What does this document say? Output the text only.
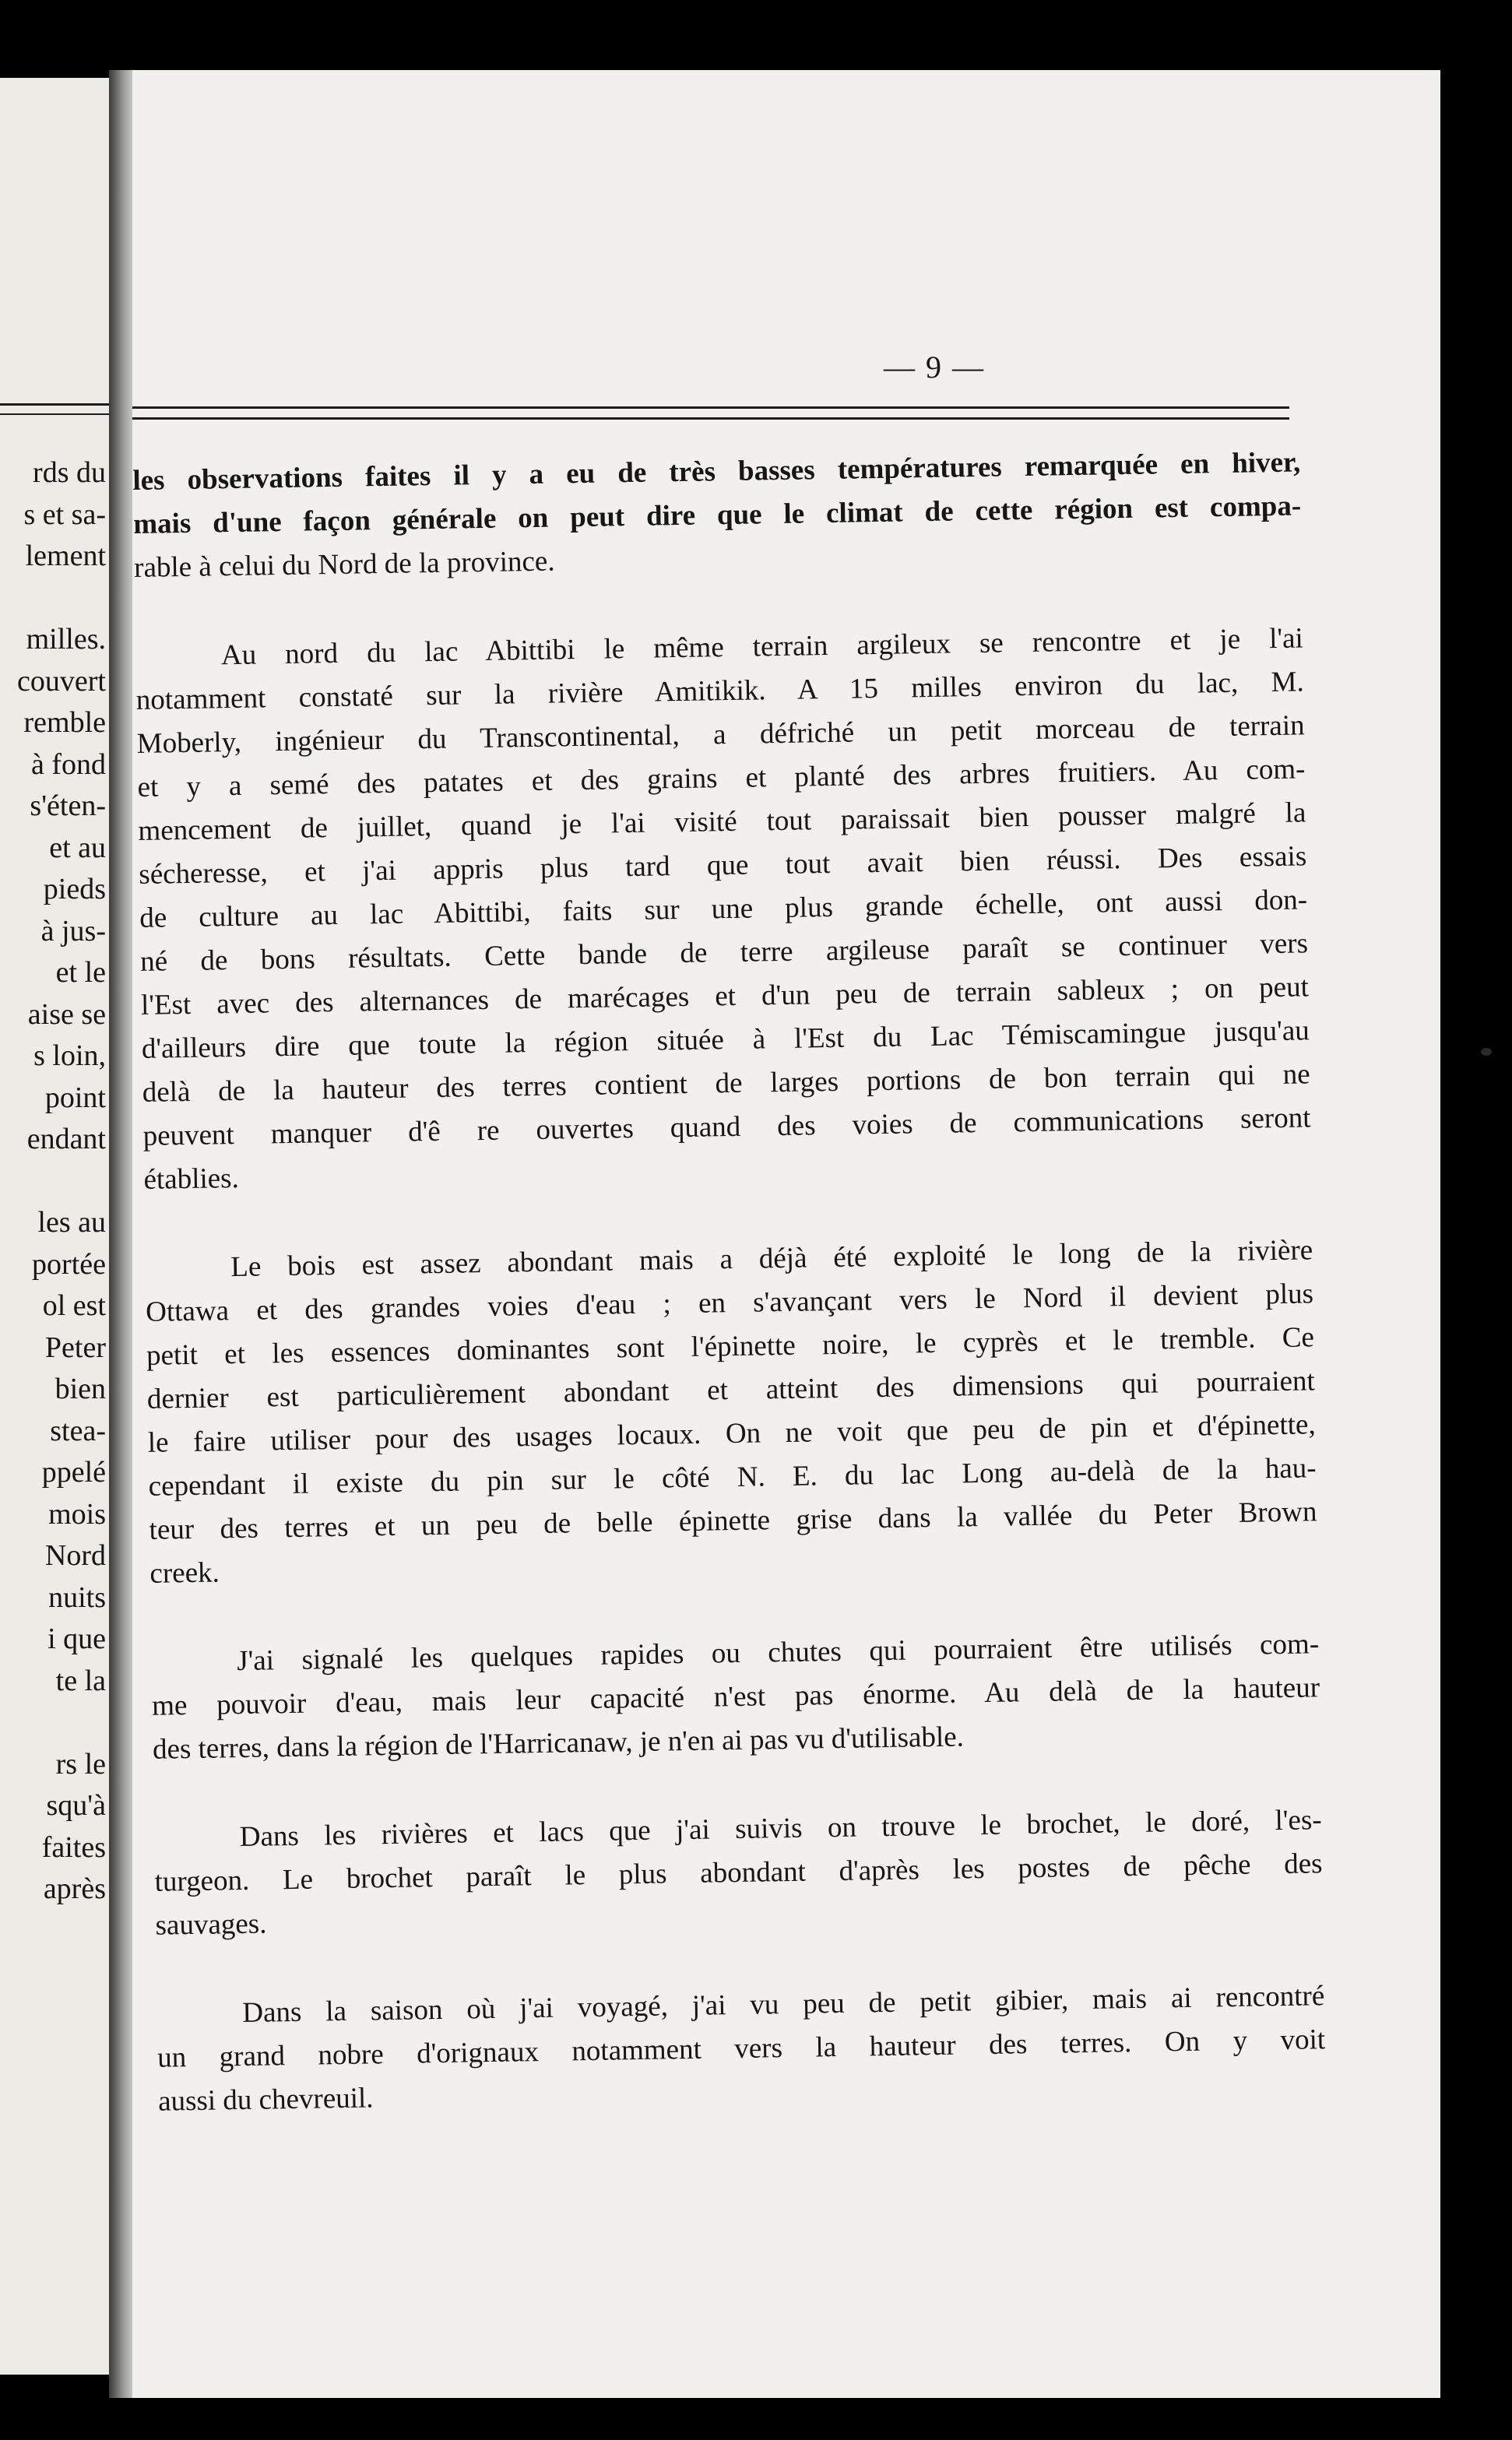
rds du
s et sa-
lement
milles.
couvert
remble
à fond
s'éten-
et au
pieds
à jus-
et le
aise se
s loin,
point
endant
les au
portée
ol est
Peter
bien
stea-
ppelé
mois
Nord
nuits
i que
te la
rs le
squ'à
faites
après
— 9 —
les observations faites il y a eu de très basses températures remarquée en hiver,
mais d'une façon générale on peut dire que le climat de cette région est compa-
rable à celui du Nord de la province.
Au nord du lac Abittibi le même terrain argileux se rencontre et je l'ai
notamment constaté sur la rivière Amitikik. A 15 milles environ du lac, M.
Moberly, ingénieur du Transcontinental, a défriché un petit morceau de terrain
et y a semé des patates et des grains et planté des arbres fruitiers. Au com-
mencement de juillet, quand je l'ai visité tout paraissait bien pousser malgré la
sécheresse, et j'ai appris plus tard que tout avait bien réussi. Des essais
de culture au lac Abittibi, faits sur une plus grande échelle, ont aussi don-
né de bons résultats. Cette bande de terre argileuse paraît se continuer vers
l'Est avec des alternances de marécages et d'un peu de terrain sableux ; on peut
d'ailleurs dire que toute la région située à l'Est du Lac Témiscamingue jusqu'au
delà de la hauteur des terres contient de larges portions de bon terrain qui ne
peuvent manquer d'ê re ouvertes quand des voies de communications seront
établies.
Le bois est assez abondant mais a déjà été exploité le long de la rivière
Ottawa et des grandes voies d'eau ; en s'avançant vers le Nord il devient plus
petit et les essences dominantes sont l'épinette noire, le cyprès et le tremble. Ce
dernier est particulièrement abondant et atteint des dimensions qui pourraient
le faire utiliser pour des usages locaux. On ne voit que peu de pin et d'épinette,
cependant il existe du pin sur le côté N. E. du lac Long au-delà de la hau-
teur des terres et un peu de belle épinette grise dans la vallée du Peter Brown
creek.
J'ai signalé les quelques rapides ou chutes qui pourraient être utilisés com-
me pouvoir d'eau, mais leur capacité n'est pas énorme. Au delà de la hauteur
des terres, dans la région de l'Harricanaw, je n'en ai pas vu d'utilisable.
Dans les rivières et lacs que j'ai suivis on trouve le brochet, le doré, l'es-
turgeon. Le brochet paraît le plus abondant d'après les postes de pêche des
sauvages.
Dans la saison où j'ai voyagé, j'ai vu peu de petit gibier, mais ai rencontré
un grand nobre d'orignaux notamment vers la hauteur des terres. On y voit
aussi du chevreuil.
